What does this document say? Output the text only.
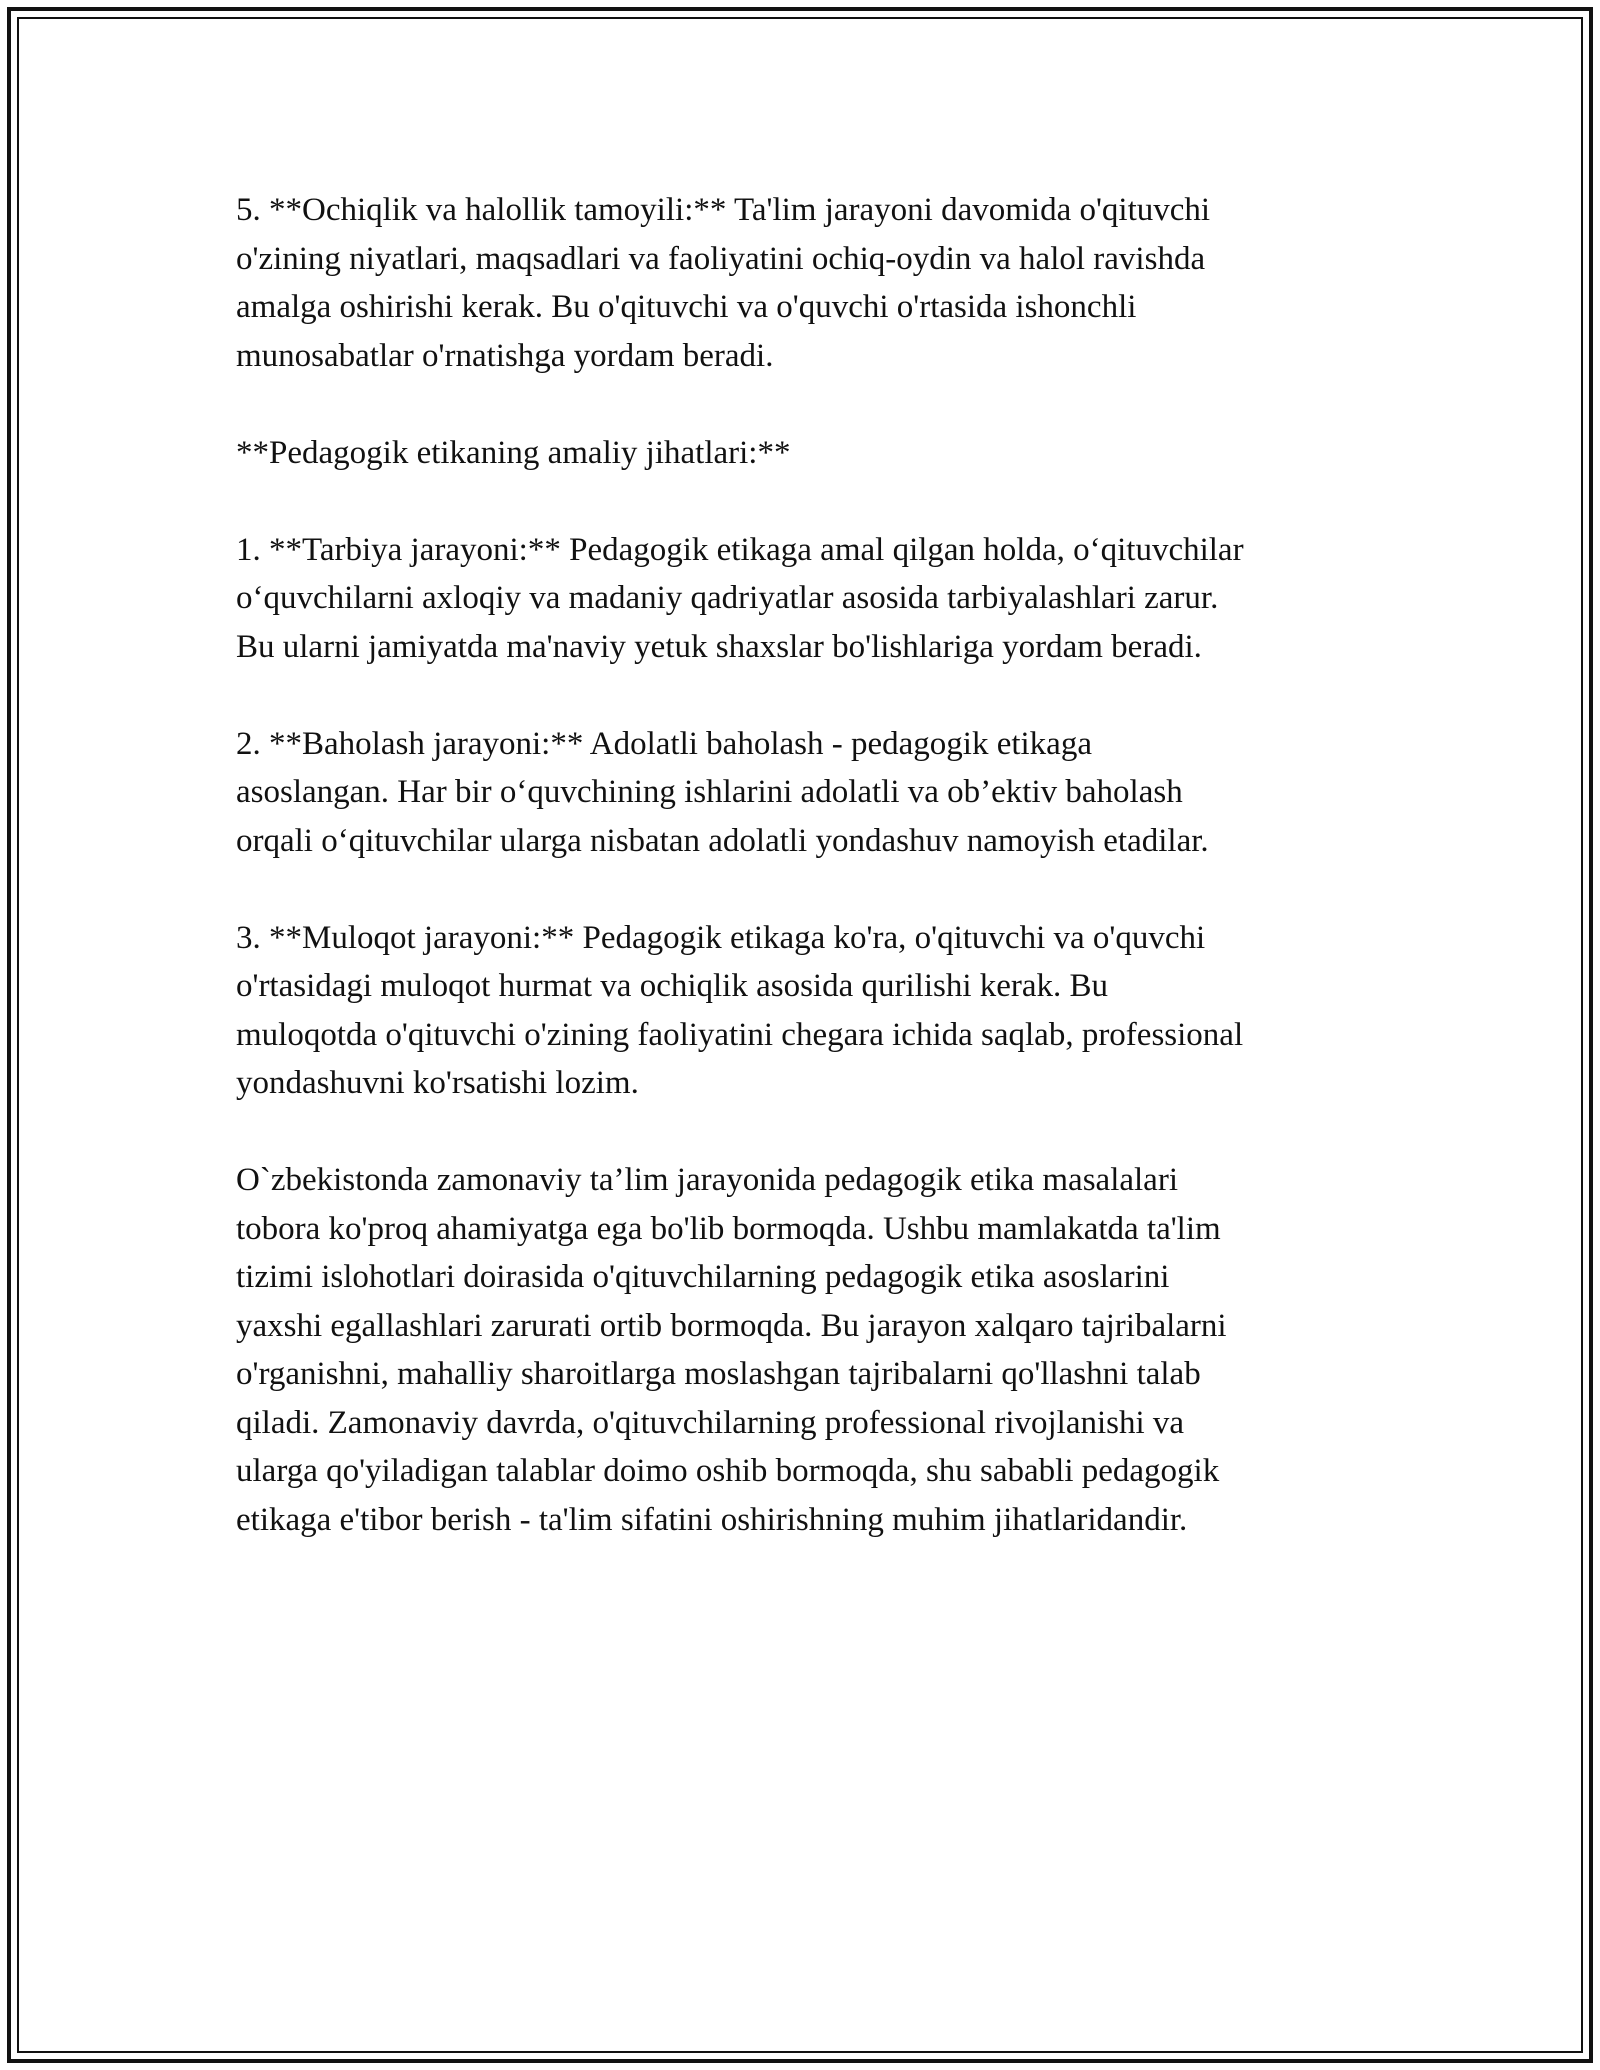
5. **Ochiqlik va halollik tamoyili:** Ta'lim jarayoni davomida o'qituvchi
o'zining niyatlari, maqsadlari va faoliyatini ochiq-oydin va halol ravishda
amalga oshirishi kerak. Bu o'qituvchi va o'quvchi o'rtasida ishonchli
munosabatlar o'rnatishga yordam beradi.

**Pedagogik etikaning amaliy jihatlari:**

1. **Tarbiya jarayoni:** Pedagogik etikaga amal qilgan holda, o‘qituvchilar
o‘quvchilarni axloqiy va madaniy qadriyatlar asosida tarbiyalashlari zarur.
Bu ularni jamiyatda ma'naviy yetuk shaxslar bo'lishlariga yordam beradi.

2. **Baholash jarayoni:** Adolatli baholash - pedagogik etikaga
asoslangan. Har bir o‘quvchining ishlarini adolatli va ob’ektiv baholash
orqali o‘qituvchilar ularga nisbatan adolatli yondashuv namoyish etadilar.

3. **Muloqot jarayoni:** Pedagogik etikaga ko'ra, o'qituvchi va o'quvchi
o'rtasidagi muloqot hurmat va ochiqlik asosida qurilishi kerak. Bu
muloqotda o'qituvchi o'zining faoliyatini chegara ichida saqlab, professional
yondashuvni ko'rsatishi lozim.

O`zbekistonda zamonaviy ta’lim jarayonida pedagogik etika masalalari
tobora ko'proq ahamiyatga ega bo'lib bormoqda. Ushbu mamlakatda ta'lim
tizimi islohotlari doirasida o'qituvchilarning pedagogik etika asoslarini
yaxshi egallashlari zarurati ortib bormoqda. Bu jarayon xalqaro tajribalarni
o'rganishni, mahalliy sharoitlarga moslashgan tajribalarni qo'llashni talab
qiladi. Zamonaviy davrda, o'qituvchilarning professional rivojlanishi va
ularga qo'yiladigan talablar doimo oshib bormoqda, shu sababli pedagogik
etikaga e'tibor berish - ta'lim sifatini oshirishning muhim jihatlaridandir.
